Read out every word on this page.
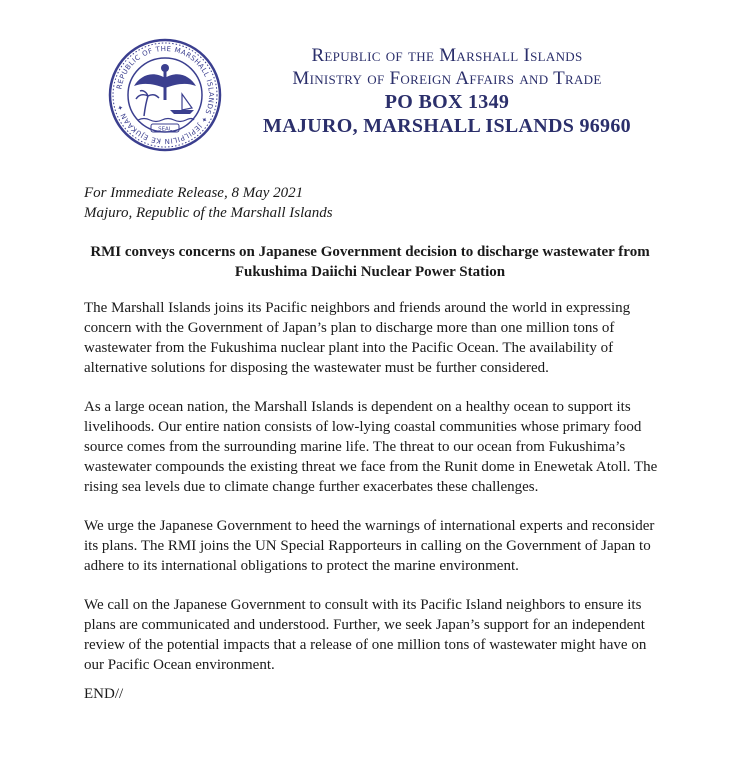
REPUBLIC OF THE MARSHALL ISLANDS ✦ JEPILPILIN KE EJUKAAN ✦
SEAL
Republic of the Marshall Islands
Ministry of Foreign Affairs and Trade
PO BOX 1349
MAJURO, MARSHALL ISLANDS 96960
For Immediate Release, 8 May 2021
Majuro, Republic of the Marshall Islands
RMI conveys concerns on Japanese Government decision to discharge wastewater from Fukushima Daiichi Nuclear Power Station

The Marshall Islands joins its Pacific neighbors and friends around the world in expressing concern with the Government of Japan’s plan to discharge more than one million tons of wastewater from the Fukushima nuclear plant into the Pacific Ocean. The availability of alternative solutions for disposing the wastewater must be further considered.

As a large ocean nation, the Marshall Islands is dependent on a healthy ocean to support its livelihoods. Our entire nation consists of low-lying coastal communities whose primary food source comes from the surrounding marine life. The threat to our ocean from Fukushima’s wastewater compounds the existing threat we face from the Runit dome in Enewetak Atoll. The rising sea levels due to climate change further exacerbates these challenges.

We urge the Japanese Government to heed the warnings of international experts and reconsider its plans. The RMI joins the UN Special Rapporteurs in calling on the Government of Japan to adhere to its international obligations to protect the marine environment.

We call on the Japanese Government to consult with its Pacific Island neighbors to ensure its plans are communicated and understood. Further, we seek Japan’s support for an independent review of the potential impacts that a release of one million tons of wastewater might have on our Pacific Ocean environment.

END//
